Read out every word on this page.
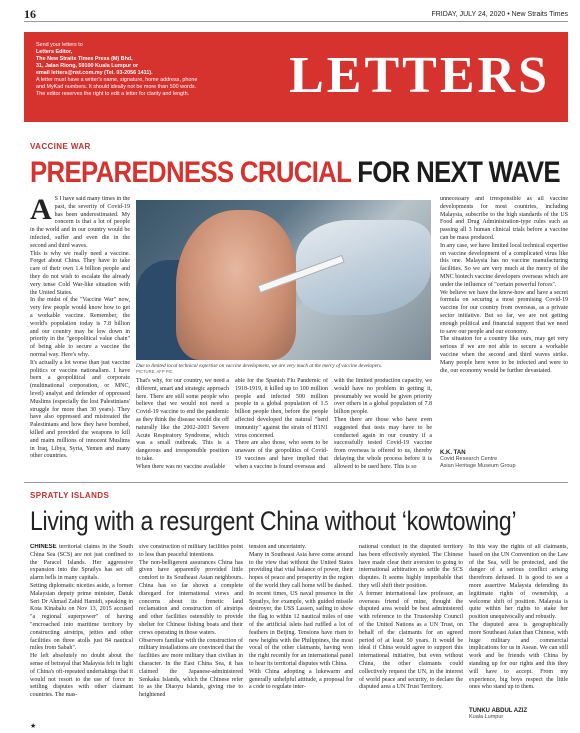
16	FRIDAY, JULY 24, 2020 • New Straits Times
Send your letters to
Letters Editor,
The New Straits Times Press (M) Bhd,
31, Jalan Riong, 59100 Kuala Lumpur or
email letters@nst.com.my (Tel. 03-2056 1411).
A letter must have a writer's name, signature, home address, phone
and MyKad numbers. It should ideally not be more than 500 words.
The editor reserves the right to edit a letter for clarity and length.	LETTERS
VACCINE WAR
PREPAREDNESS CRUCIAL FOR NEXT WAVE
A S I have said many times in the past, the severity of Covid-19 has been underestimated. My concern is that a lot of people in the world and in our country would be infected, suffer and even die in the second and third waves.
This is why we really need a vaccine. Forget about China. They have to take care of their own 1.4 billion people and they do not wish to escalate the already very tense Cold War-like situation with the United States.
In the midst of the "Vaccine War" now, very few people would know how to get a workable vaccine. Remember, the world's population today is 7.8 billion and our country may be low down in priority in the "geopolitical value chain" of being able to secure a vaccine the normal way. Here's why.
It's actually a lot worse than just vaccine politics or vaccine nationalism. I have been a geopolitical and corporate (multinational corporation, or MNC, level) analyst and defender of oppressed Muslims (especially the lost Palestinians' struggle for more than 30 years). They have also oppressed and mistreated the Palestinians and how they have bombed, killed and provided the weapons to kill and maim millions of innocent Muslims in Iraq, Libya, Syria, Yemen and many other countries.
Due to limited local technical expertise on vaccine development, we are very much at the mercy of vaccine developers.
PICTURE: AFP PIC
That's why, for our country, we need a different, smart and strategic approach here. There are still some people who believe that we would not need a Covid-19 vaccine to end the pandemic as they think the disease would die off naturally like the 2002-2003 Severe Acute Respiratory Syndrome, which was a small outbreak. This is a dangerous and irresponsible position to take.
When there was no vaccine available
able for the Spanish Flu Pandemic of 1918-1919, it killed up to 100 million people and infected 500 million people in a global population of 1.5 billion people then, before the people affected developed the natural "herd immunity" against the strain of H1N1 virus concerned.
There are also those, who seem to be unaware of the geopolitics of Covid-19 vaccines and have implied that when a vaccine is found overseas and
with the limited production capacity, we would have no problem in getting it, presumably we would be given priority over others in a global population of 7.8 billion people.
Then there are those who have even suggested that tests may have to be conducted again in our country if a successfully tested Covid-19 vaccine from overseas is offered to us, thereby delaying the whole process before it is allowed to be used here. This is so
unnecessary and irresponsible as all vaccine developments for most countries, including Malaysia, subscribe to the high standards of the US Food and Drug Administration-type rules such as passing all 3 human clinical trials before a vaccine can be mass produced.
In any case, we have limited local technical expertise on vaccine development of a complicated virus like this one. Malaysia has no vaccine manufacturing facilities. So we are very much at the mercy of the MNC biotech vaccine developers overseas which are under the influence of "certain powerful forces".
We believe we have the know-how and have a secret formula on securing a most promising Covid-19 vaccine for our country from overseas, as a private sector initiative. But so far, we are not getting enough political and financial support that we need to save our people and our economy.
The situation for a country like ours, may get very serious if we are not able to secure a workable vaccine when the second and third waves strike. Many people here were to be infected and were to die, our economy would be further devastated.
K.K. TAN
Covid Research Centre
Asian Heritage Museum Group
SPRATLY ISLANDS
Living with a resurgent China without ‘kowtowing’
CHINESE territorial claims in the South China Sea (SCS) are not just confined to the Paracel Islands. Her aggressive expansion into the Spratlys has set off alarm bells in many capitals.
Setting diplomatic niceties aside, a former Malaysian deputy prime minister, Datuk Seri Dr Ahmad Zahid Hamidi, speaking in Kota Kinabalu on Nov 13, 2015 accused "a regional superpower" of having "encroached into maritime territory by constructing airstrips, jetties and other facilities on three atolls just 84 nautical miles from Sabah".
He left absolutely no doubt about the sense of betrayal that Malaysia felt in light of China's oft-repeated undertakings that it would not resort to the use of force in settling disputes with other claimant countries. The mas-
sive construction of military facilities point to less than peaceful intentions.
The non-belligerent assurances China has given have apparently provided little comfort to its Southeast Asian neighbours. China has so far shown a complete disregard for international views and concerns about its frenetic land reclamation and construction of airstrips and other facilities ostensibly to provide shelter for Chinese fishing boats and their crews operating in those waters.
Observers familiar with the construction of military installations are convinced that the facilities are more military than civilian in character. In the East China Sea, it has claimed the Japanese-administered Senkaku Islands, which the Chinese refer to as the Diaoyu Islands, giving rise to heightened
tension and uncertainty.
Many in Southeast Asia have come around to the view that without the United States providing that vital balance of power, their hopes of peace and prosperity in the region of the world they call home will be dashed.
In recent times, US naval presence in the Spratlys, for example, with guided missile destroyer, the USS Lassen, sailing to show the flag to within 12 nautical miles of one of the artificial islets had ruffled a lot of feathers in Beijing. Tensions have risen to new heights with the Philippines, the most vocal of the other claimants, having won the right recently for an international panel to hear its territorial disputes with China.
With China adopting a lukewarm and generally unhelpful attitude, a proposal for a code to regulate inter-
national conduct in the disputed territory has been effectively stymied. The Chinese have made clear their aversion to going to international arbitration to settle the SCS disputes. It seems highly improbable that they will shift their position.
A former international law professor, an overseas friend of mine, thought the disputed area would be best administered with reference to the Trusteeship Council of the United Nations as a UN Trust, on behalf of the claimants for an agreed period of at least 50 years. It would be ideal if China would agree to support this international initiative, but even without China, the other claimants could collectively request the UN, in the interest of world peace and security, to declare the disputed area a UN Trust Territory.
In this way the rights of all claimants, based on the UN Convention on the Law of the Sea, will be protected, and the danger of a serious conflict arising therefrom defused. It is good to see a more assertive Malaysia defending its legitimate rights of ownership, a welcome shift of position. Malaysia is quite within her rights to stake her position unequivocally and robustly.
The disputed area is geographically more Southeast Asian than Chinese, with huge military and commercial implications for us in Asean. We can still work and be friends with China by standing up for our rights and this they will have to accept. From my experience, big boys respect the little ones who stand up to them.
TUNKU ABDUL AZIZ
Kuala Lumpur
★
